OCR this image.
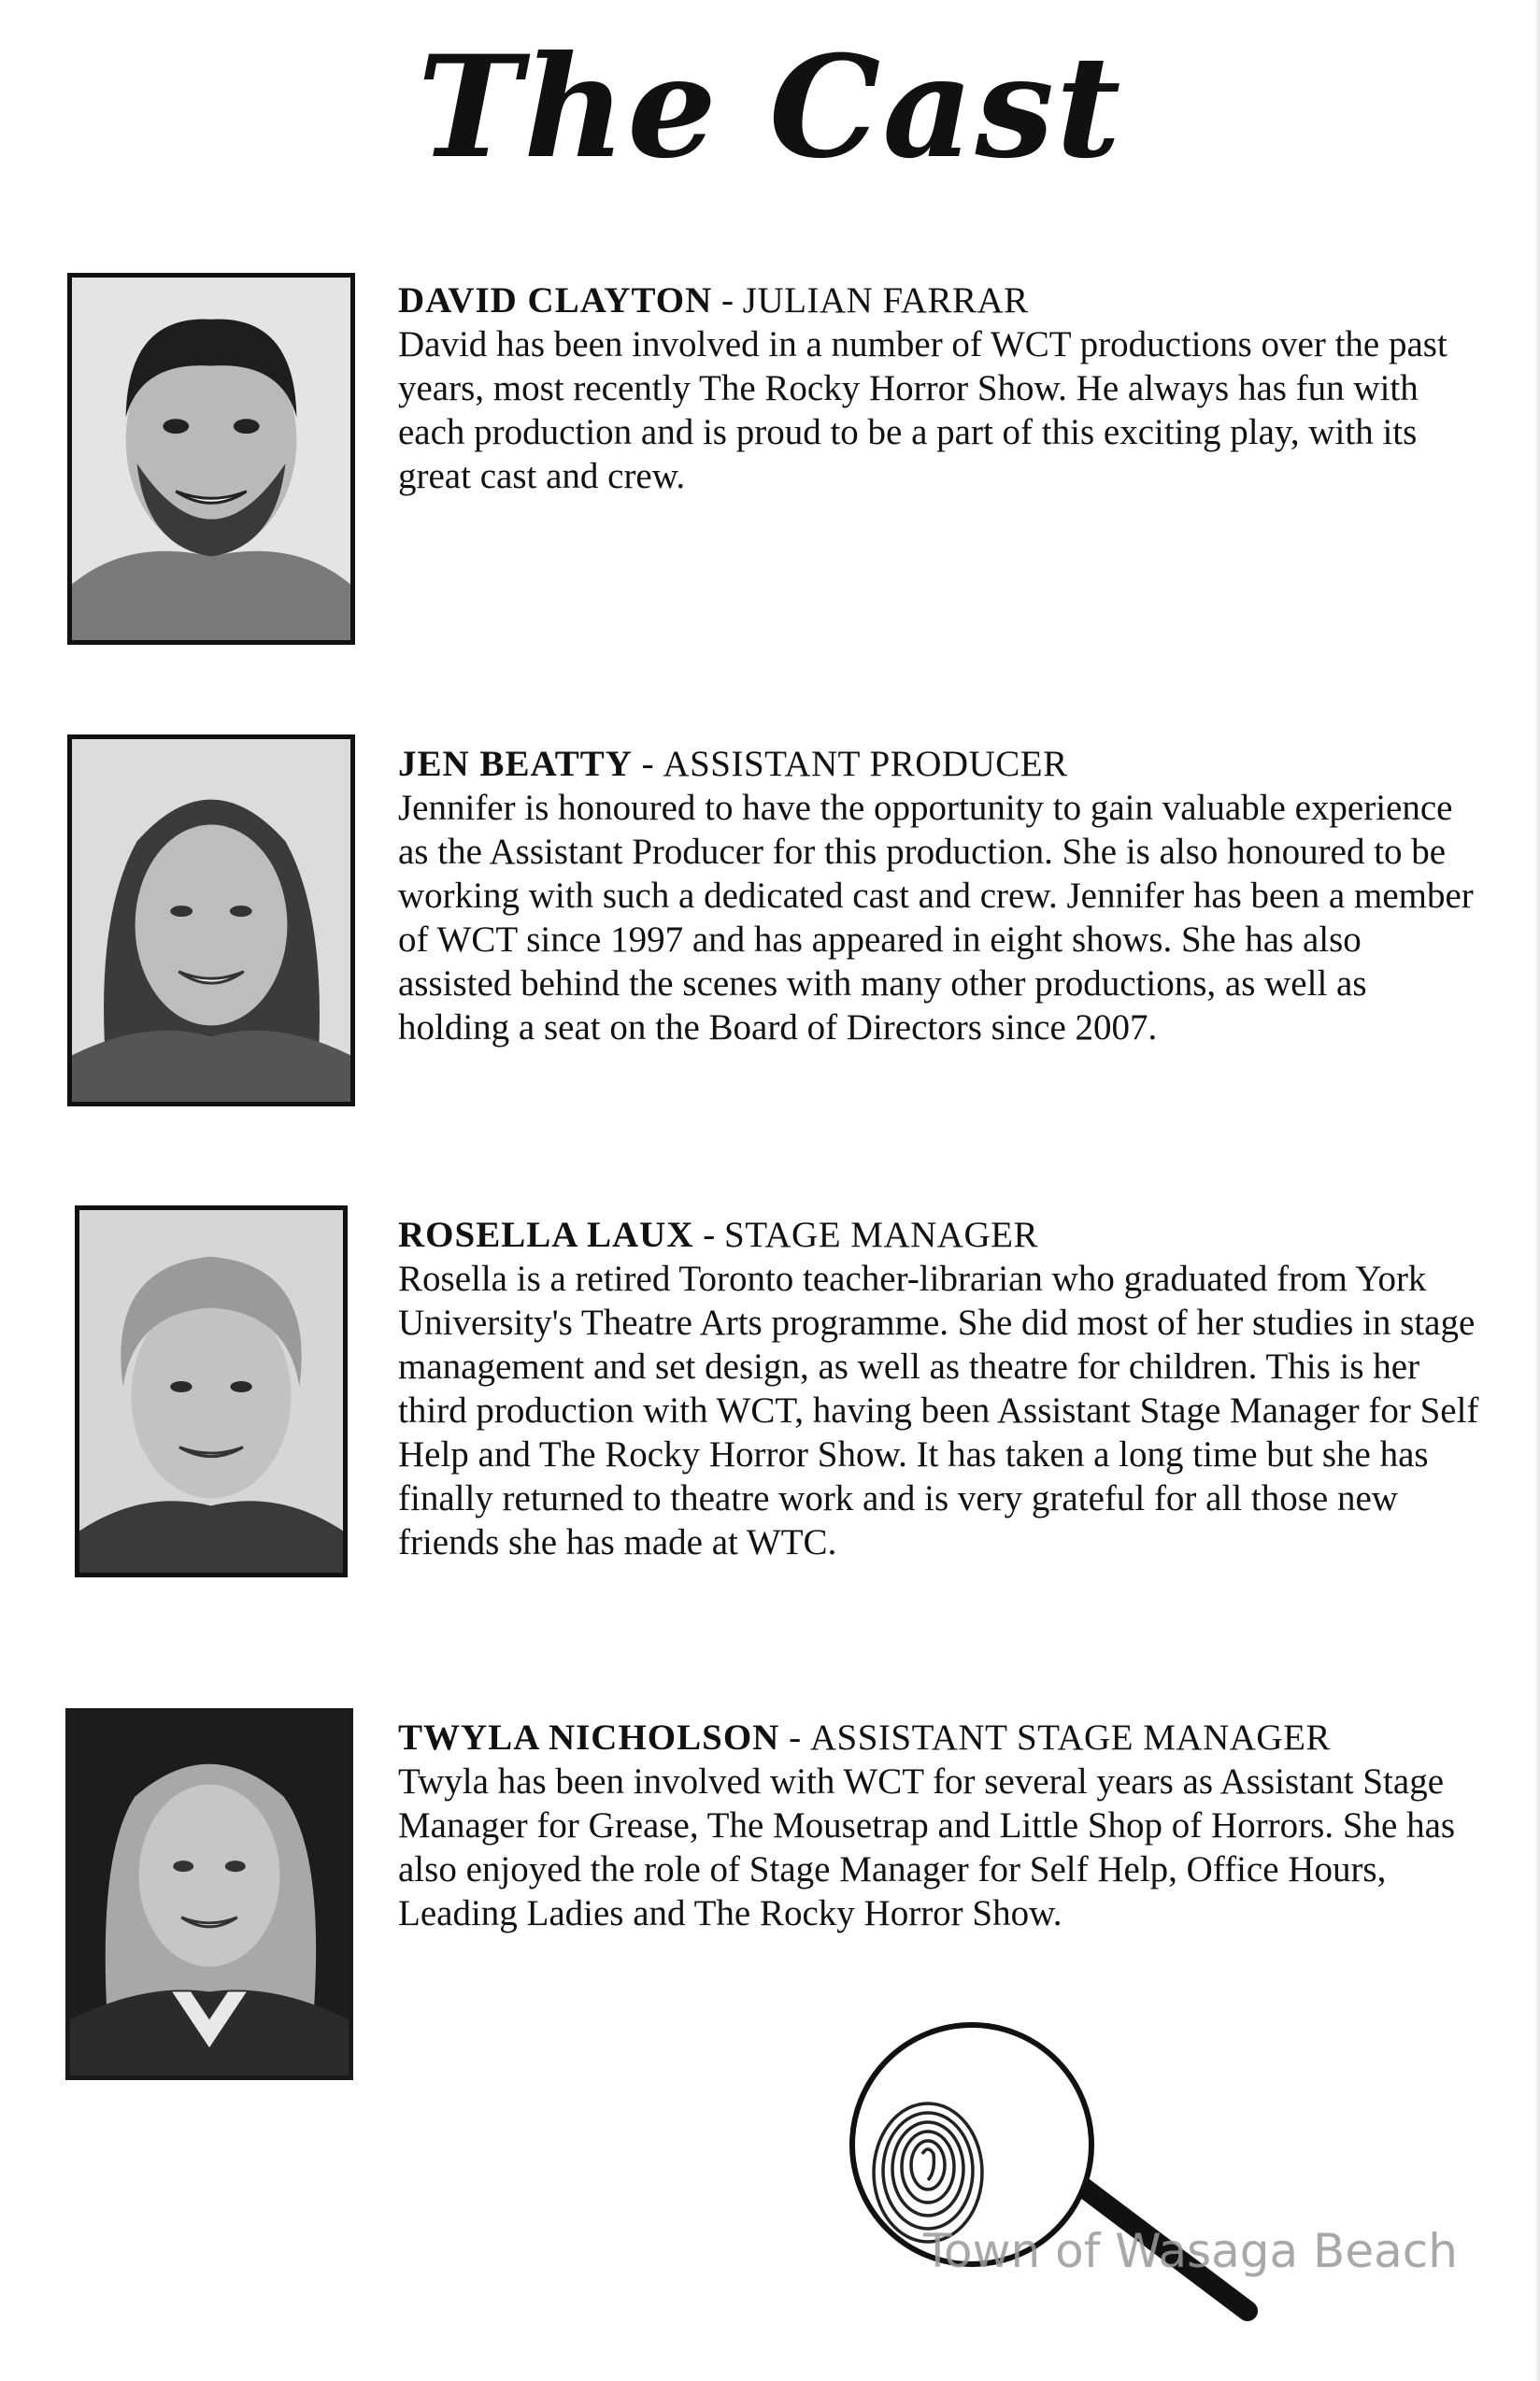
The Cast
DAVID CLAYTON - JULIAN FARRAR

David has been involved in a number of WCT productions over the past years, most recently The Rocky Horror Show. He always has fun with each production and is proud to be a part of this exciting play, with its great cast and crew.

JEN BEATTY - ASSISTANT PRODUCER

Jennifer is honoured to have the opportunity to gain valuable experience as the Assistant Producer for this production. She is also honoured to be working with such a dedicated cast and crew. Jennifer has been a member of WCT since 1997 and has appeared in eight shows. She has also assisted behind the scenes with many other productions, as well as holding a seat on the Board of Directors since 2007.

ROSELLA LAUX - STAGE MANAGER

Rosella is a retired Toronto teacher-librarian who graduated from York University's Theatre Arts programme. She did most of her studies in stage management and set design, as well as theatre for children. This is her third production with WCT, having been Assistant Stage Manager for Self Help and The Rocky Horror Show. It has taken a long time but she has finally returned to theatre work and is very grateful for all those new friends she has made at WTC.

TWYLA NICHOLSON - ASSISTANT STAGE MANAGER

Twyla has been involved with WCT for several years as Assistant Stage Manager for Grease, The Mousetrap and Little Shop of Horrors. She has also enjoyed the role of Stage Manager for Self Help, Office Hours, Leading Ladies and The Rocky Horror Show.

Town of Wasaga Beach
